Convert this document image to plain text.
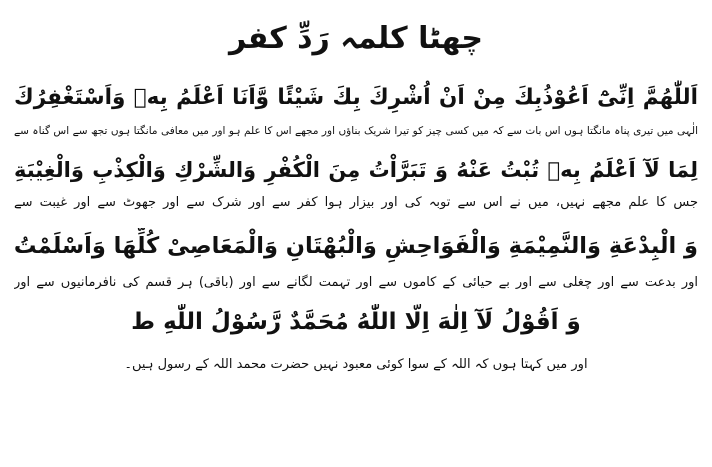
چھٹا کلمہ رَدِّ کفر
اَللّٰھُمَّ اِنِّیْٓ اَعُوْذُبِكَ مِنْ اَنْ اُشْرِكَ بِكَ شَیْئًا وَّاَنَا اَعْلَمُ بِهٖ وَاَسْتَغْفِرُكَ
الٰہی میں تیری پناہ مانگتا ہوں اس بات سے کہ میں کسی چیز کو تیرا شریک بناؤں اور مجھے اس کا علم ہو اور میں معافی مانگتا ہوں تجھ سے اس گناہ سے
لِمَا لَآ اَعْلَمُ بِهٖ تُبْتُ عَنْهُ وَ تَبَرَّاْتُ مِنَ الْكُفْرِ وَالشِّرْكِ وَالْكِذْبِ وَالْغِیْبَةِ
جس کا علم مجھے نہیں، میں نے اس سے توبہ کی اور بیزار ہوا کفر سے اور شرک سے اور جھوٹ سے اور غیبت سے
وَ الْبِدْعَةِ وَالنَّمِیْمَةِ وَالْفَوَاحِشِ وَالْبُهْتَانِ وَالْمَعَاصِیْ كُلِّهَا وَاَسْلَمْتُ
اور بدعت سے اور چغلی سے اور بے حیائی کے کاموں سے اور تہمت لگانے سے اور (باقی) ہر قسم کی نافرمانیوں سے اور
وَ اَقُوْلُ لَآ اِلٰهَ اِلَّا اللّٰهُ مُحَمَّدٌ رَّسُوْلُ اللّٰهِ ط
اور میں کہتا ہوں کہ اللہ کے سوا کوئی معبود نہیں حضرت محمد اللہ کے رسول ہیں۔
